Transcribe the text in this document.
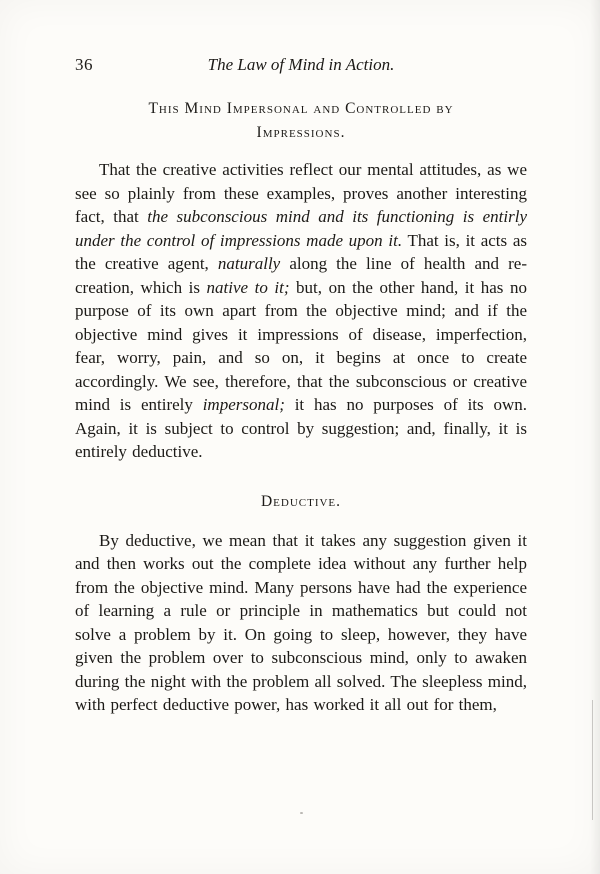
36	The Law of Mind in Action.
This Mind Impersonal and Controlled by Impressions.

That the creative activities reflect our mental attitudes, as we see so plainly from these examples, proves another interesting fact, that the subconscious mind and its functioning is entirly under the control of impressions made upon it. That is, it acts as the creative agent, naturally along the line of health and re-creation, which is native to it; but, on the other hand, it has no purpose of its own apart from the objective mind; and if the objective mind gives it impressions of disease, imperfection, fear, worry, pain, and so on, it begins at once to create accordingly. We see, therefore, that the subconscious or creative mind is entirely impersonal; it has no purposes of its own. Again, it is subject to control by suggestion; and, finally, it is entirely deductive.

Deductive.

By deductive, we mean that it takes any suggestion given it and then works out the complete idea without any further help from the objective mind. Many persons have had the experience of learning a rule or principle in mathematics but could not solve a problem by it. On going to sleep, however, they have given the problem over to subconscious mind, only to awaken during the night with the problem all solved. The sleepless mind, with perfect deductive power, has worked it all out for them,
